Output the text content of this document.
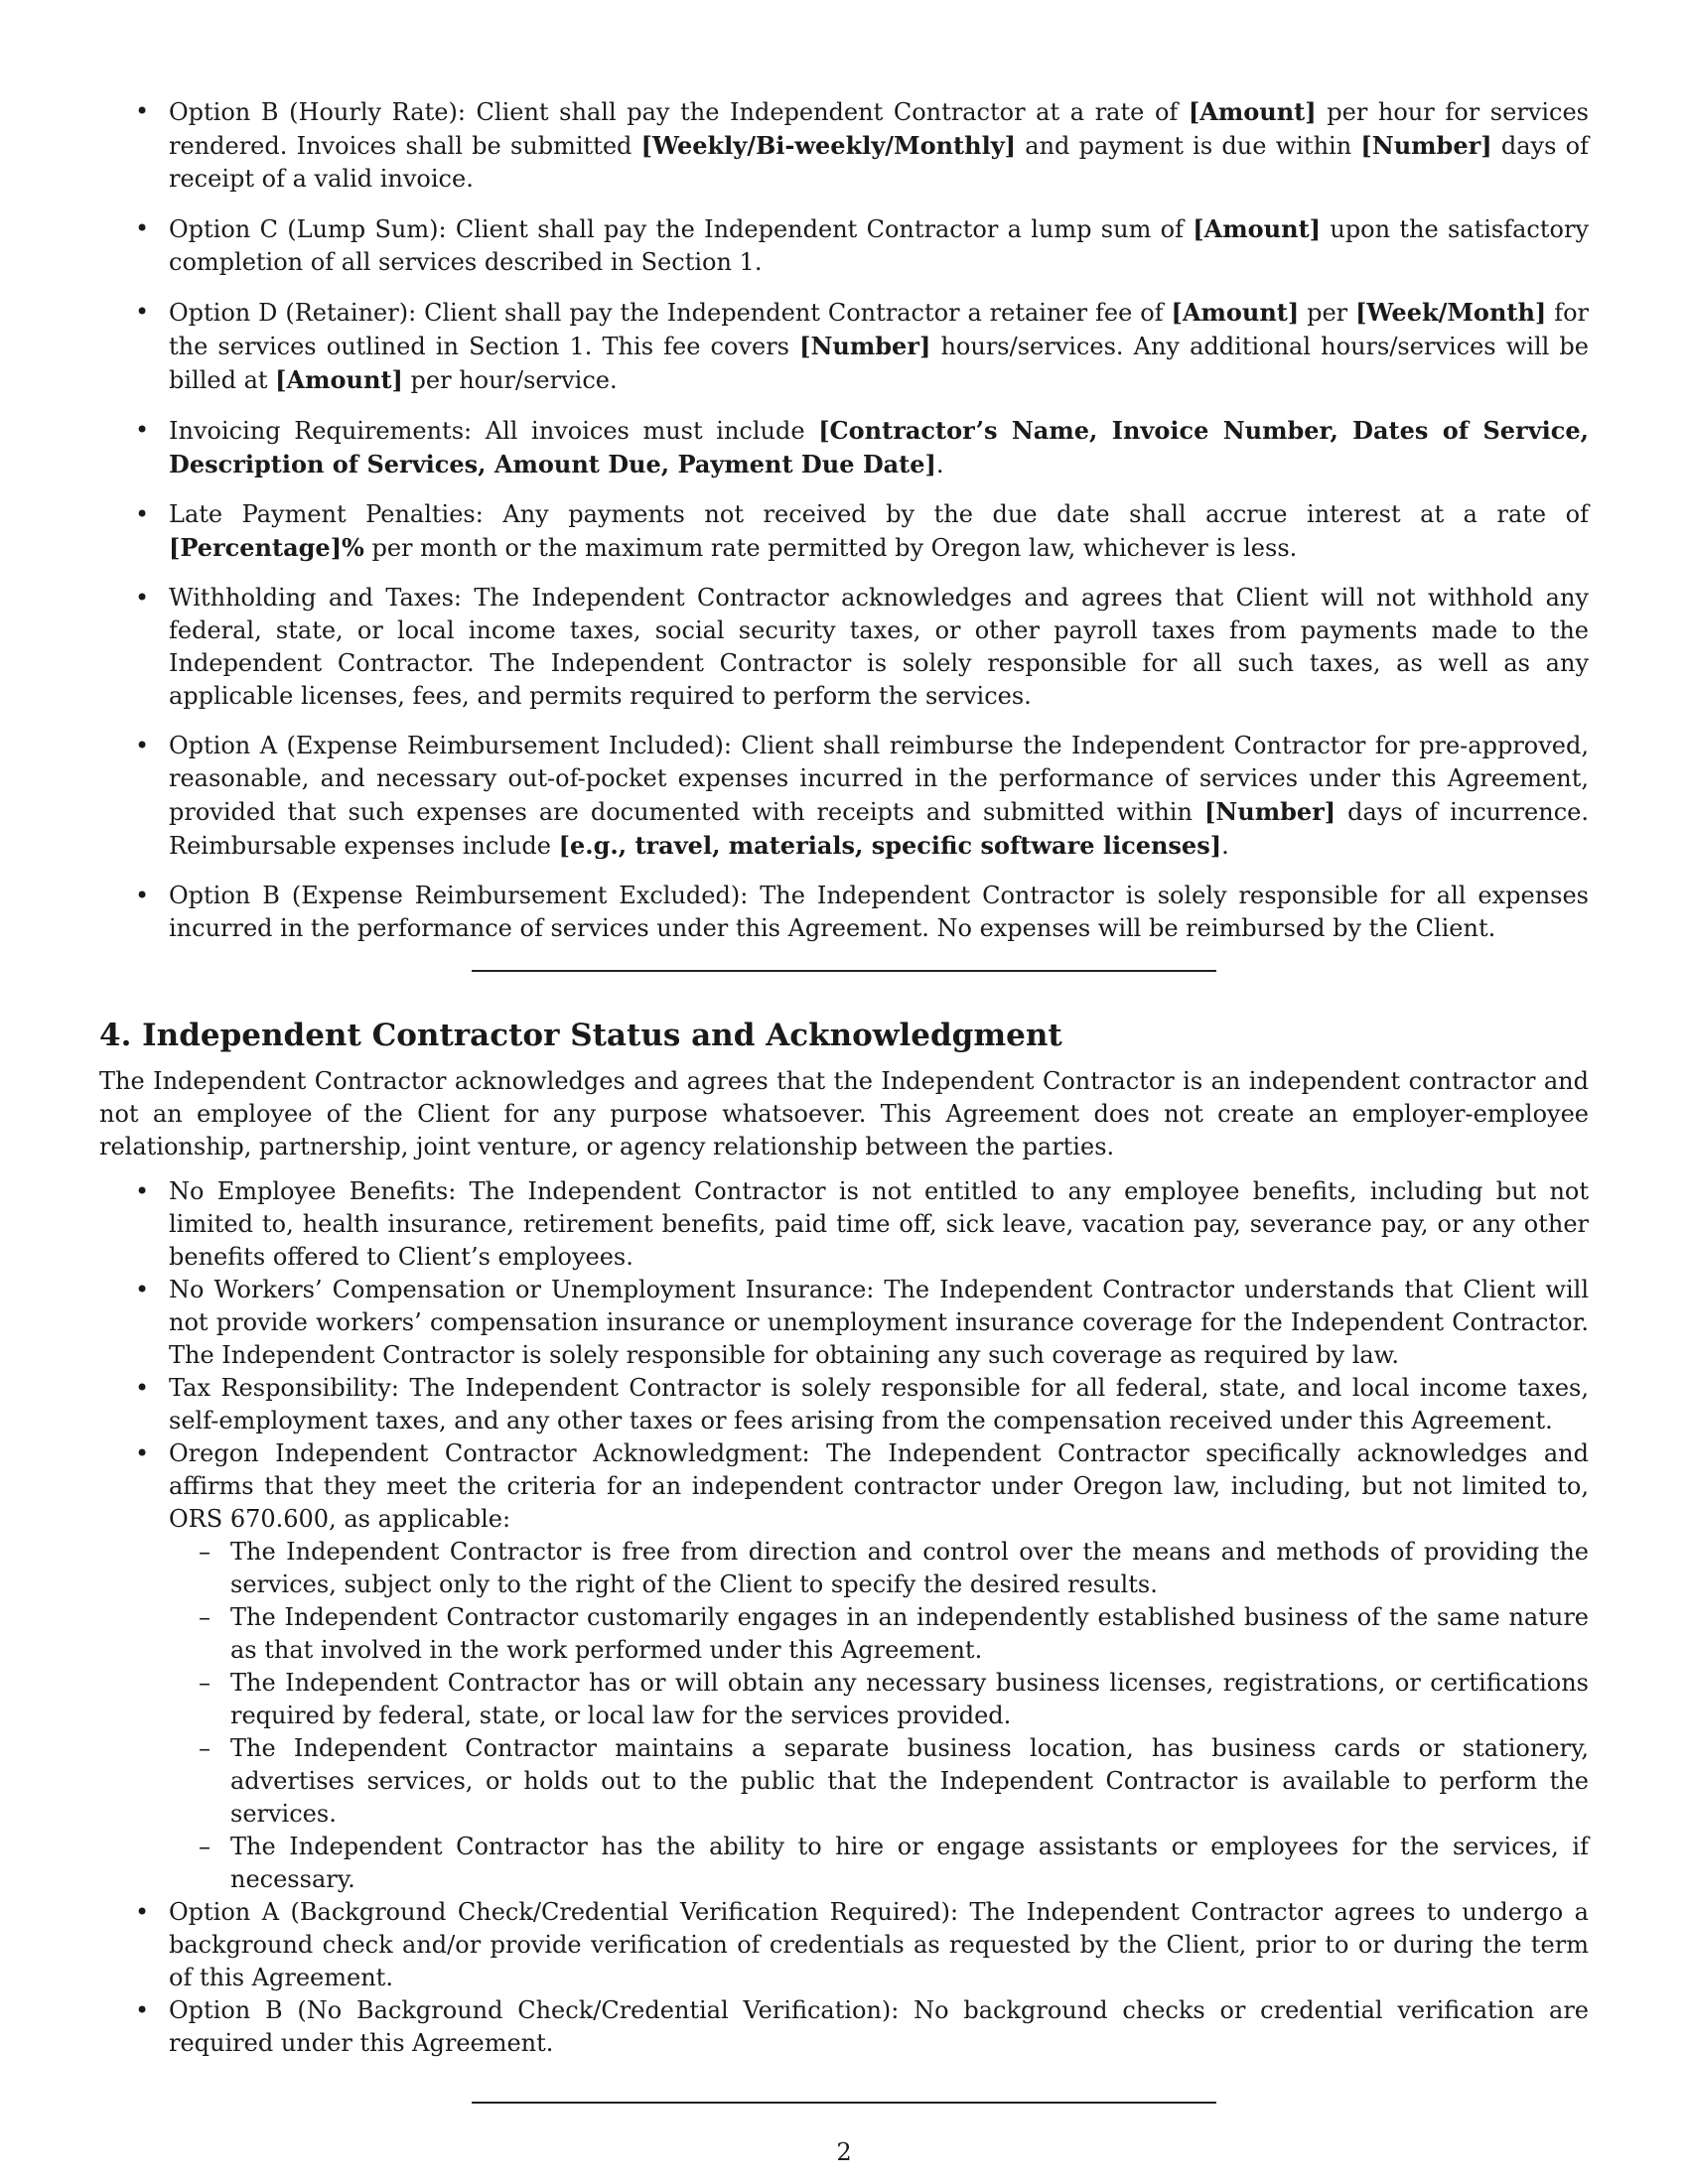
• Option B (Hourly Rate): Client shall pay the Independent Contractor at a rate of [Amount] per hour for services rendered. Invoices shall be submitted [Weekly/Bi-weekly/Monthly] and payment is due within [Number] days of receipt of a valid invoice.
• Option C (Lump Sum): Client shall pay the Independent Contractor a lump sum of [Amount] upon the satisfactory completion of all services described in Section 1.
• Option D (Retainer): Client shall pay the Independent Contractor a retainer fee of [Amount] per [Week/Month] for the services outlined in Section 1. This fee covers [Number] hours/services. Any additional hours/services will be billed at [Amount] per hour/service.
• Invoicing Requirements: All invoices must include [Contractor’s Name, Invoice Number, Dates of Service, Description of Services, Amount Due, Payment Due Date].
• Late Payment Penalties: Any payments not received by the due date shall accrue interest at a rate of [Percentage]% per month or the maximum rate permitted by Oregon law, whichever is less.
• Withholding and Taxes: The Independent Contractor acknowledges and agrees that Client will not withhold any federal, state, or local income taxes, social security taxes, or other payroll taxes from payments made to the Independent Contractor. The Independent Contractor is solely responsible for all such taxes, as well as any applicable licenses, fees, and permits required to perform the services.
• Option A (Expense Reimbursement Included): Client shall reimburse the Independent Contractor for pre-approved, reasonable, and necessary out-of-pocket expenses incurred in the performance of services under this Agreement, provided that such expenses are documented with receipts and submitted within [Number] days of incurrence. Reimbursable expenses include [e.g., travel, materials, specific software licenses].
• Option B (Expense Reimbursement Excluded): The Independent Contractor is solely responsible for all expenses incurred in the performance of services under this Agreement. No expenses will be reimbursed by the Client.
4. Independent Contractor Status and Acknowledgment

The Independent Contractor acknowledges and agrees that the Independent Contractor is an independent contractor and not an employee of the Client for any purpose whatsoever. This Agreement does not create an employer-employee relationship, partnership, joint venture, or agency relationship between the parties.

• No Employee Benefits: The Independent Contractor is not entitled to any employee benefits, including but not limited to, health insurance, retirement benefits, paid time off, sick leave, vacation pay, severance pay, or any other benefits offered to Client’s employees.
• No Workers’ Compensation or Unemployment Insurance: The Independent Contractor understands that Client will not provide workers’ compensation insurance or unemployment insurance coverage for the Independent Contractor. The Independent Contractor is solely responsible for obtaining any such coverage as required by law.
• Tax Responsibility: The Independent Contractor is solely responsible for all federal, state, and local income taxes, self-employment taxes, and any other taxes or fees arising from the compensation received under this Agreement.
• Oregon Independent Contractor Acknowledgment: The Independent Contractor specifically acknowledges and affirms that they meet the criteria for an independent contractor under Oregon law, including, but not limited to, ORS 670.600, as applicable:
– The Independent Contractor is free from direction and control over the means and methods of providing the services, subject only to the right of the Client to specify the desired results.
– The Independent Contractor customarily engages in an independently established business of the same nature as that involved in the work performed under this Agreement.
– The Independent Contractor has or will obtain any necessary business licenses, registrations, or certifications required by federal, state, or local law for the services provided.
– The Independent Contractor maintains a separate business location, has business cards or stationery, advertises services, or holds out to the public that the Independent Contractor is available to perform the services.
– The Independent Contractor has the ability to hire or engage assistants or employees for the services, if necessary.
• Option A (Background Check/Credential Verification Required): The Independent Contractor agrees to undergo a background check and/or provide verification of credentials as requested by the Client, prior to or during the term of this Agreement.
• Option B (No Background Check/Credential Verification): No background checks or credential verification are required under this Agreement.
2
